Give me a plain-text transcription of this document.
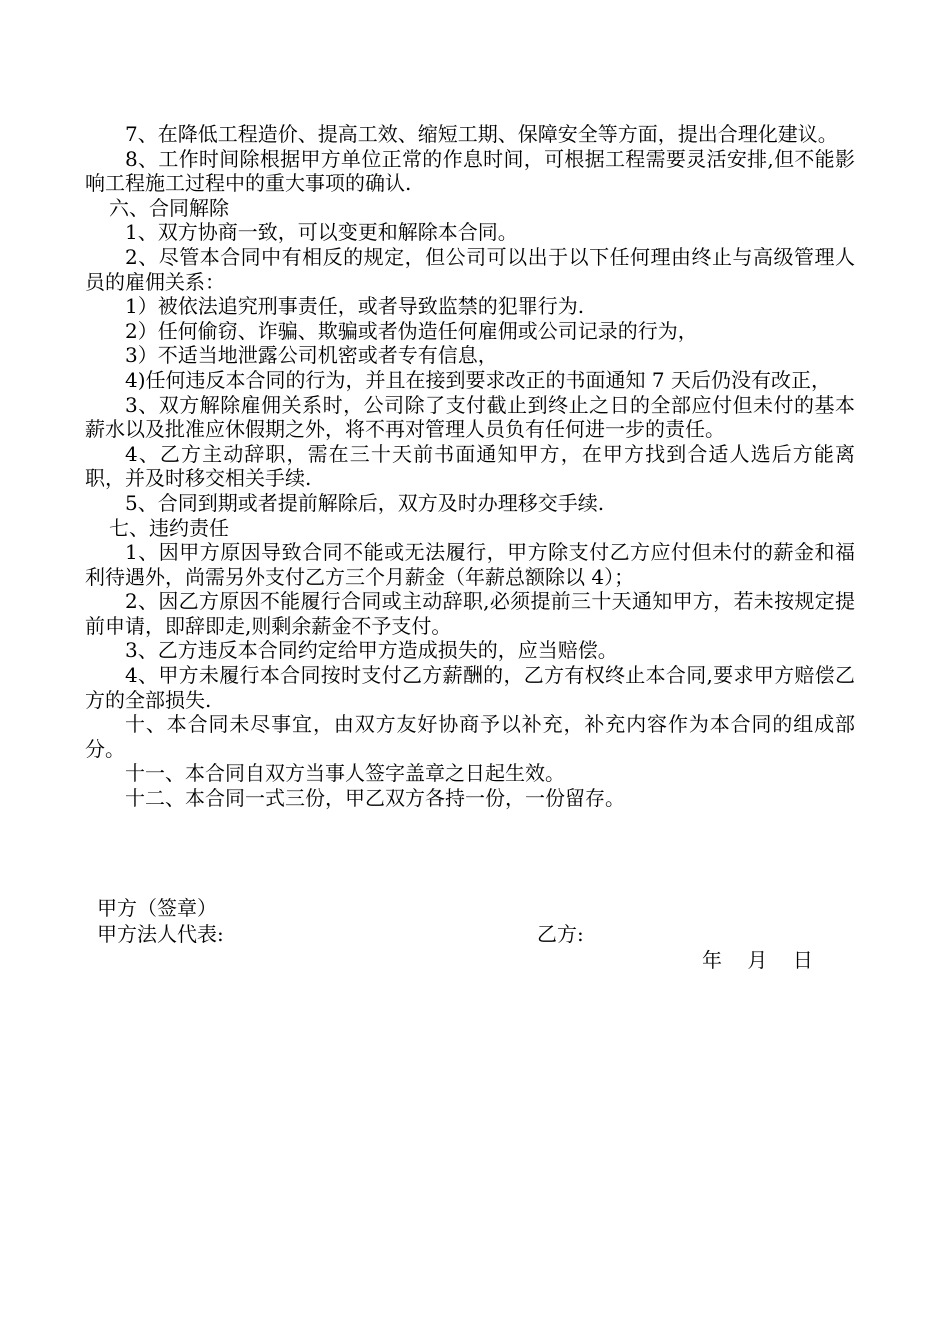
7、在降低工程造价、提高工效、缩短工期、保障安全等方面，提出合理化建议。

8、工作时间除根据甲方单位正常的作息时间，可根据工程需要灵活安排,但不能影响工程施工过程中的重大事项的确认.

六、合同解除

1、双方协商一致，可以变更和解除本合同。

2、尽管本合同中有相反的规定，但公司可以出于以下任何理由终止与高级管理人员的雇佣关系：

1）被依法追究刑事责任，或者导致监禁的犯罪行为.

2）任何偷窃、诈骗、欺骗或者伪造任何雇佣或公司记录的行为，

3）不适当地泄露公司机密或者专有信息，

4)任何违反本合同的行为，并且在接到要求改正的书面通知 7 天后仍没有改正，

3、双方解除雇佣关系时，公司除了支付截止到终止之日的全部应付但未付的基本薪水以及批准应休假期之外，将不再对管理人员负有任何进一步的责任。

4、乙方主动辞职，需在三十天前书面通知甲方，在甲方找到合适人选后方能离职，并及时移交相关手续.

5、合同到期或者提前解除后，双方及时办理移交手续.

七、违约责任

1、因甲方原因导致合同不能或无法履行，甲方除支付乙方应付但未付的薪金和福利待遇外，尚需另外支付乙方三个月薪金（年薪总额除以 4）；

2、因乙方原因不能履行合同或主动辞职,必须提前三十天通知甲方，若未按规定提前申请，即辞即走,则剩余薪金不予支付。

3、乙方违反本合同约定给甲方造成损失的，应当赔偿。

4、甲方未履行本合同按时支付乙方薪酬的，乙方有权终止本合同,要求甲方赔偿乙方的全部损失.

十、本合同未尽事宜，由双方友好协商予以补充，补充内容作为本合同的组成部分。

十一、本合同自双方当事人签字盖章之日起生效。

十二、本合同一式三份，甲乙双方各持一份，一份留存。

甲方（签章）
甲方法人代表:	乙方:
年    月    日
